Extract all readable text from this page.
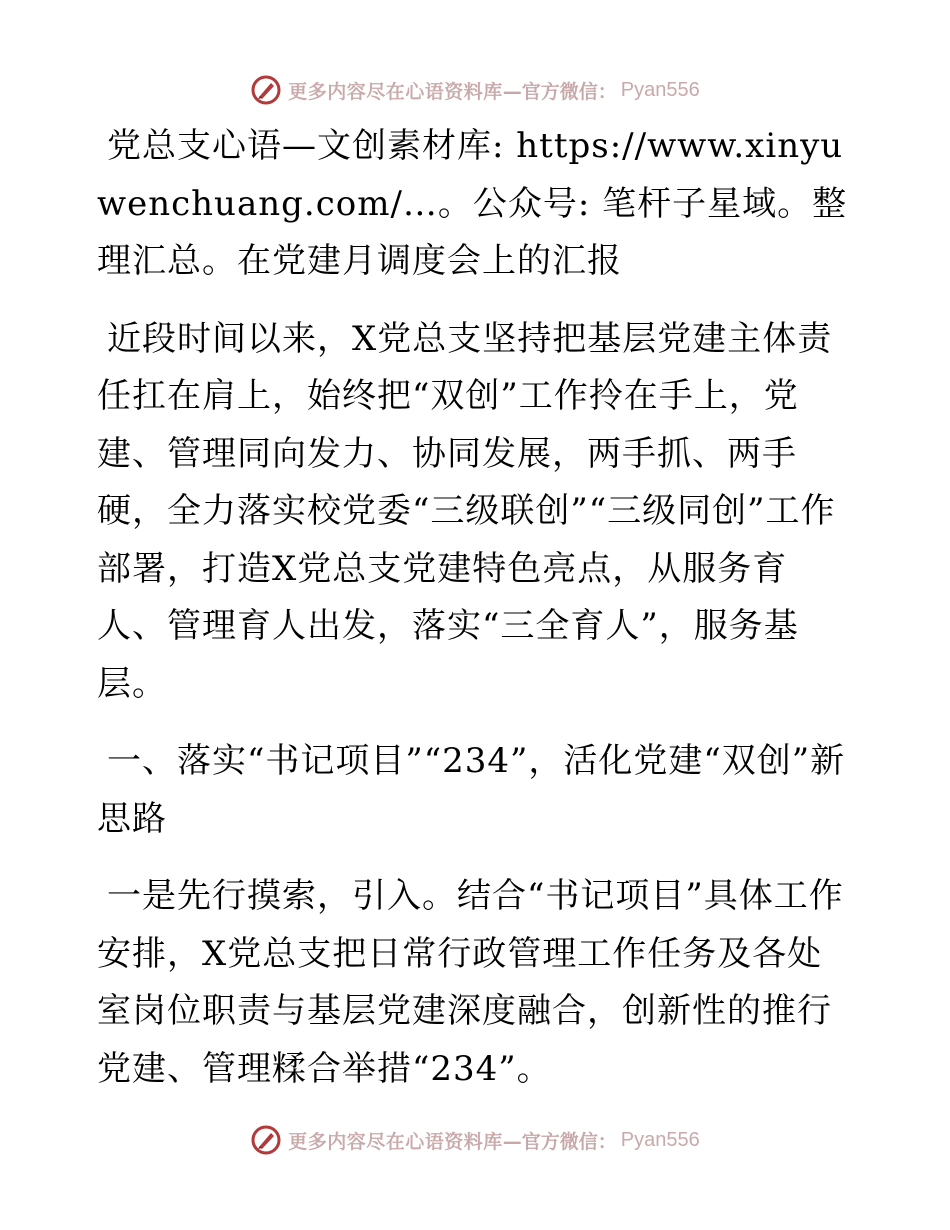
更多内容尽在心语资料库 —官方微信： Pyan556

党总支心语—文创素材库: https://www.xinyuwenchuang.com/…。公众号: 笔杆子星域。整理汇总。在党建月调度会上的汇报

近段时间以来，X党总支坚持把基层党建主体责任扛在肩上，始终把“双创”工作拎在手上，党建、管理同向发力、协同发展，两手抓、两手硬，全力落实校党委“三级联创”“三级同创”工作部署，打造X党总支党建特色亮点，从服务育人、管理育人出发，落实“三全育人”，服务基层。

一、落实“书记项目”“234”，活化党建“双创”新思路

一是先行摸索，引入。结合“书记项目”具体工作安排，X党总支把日常行政管理工作任务及各处室岗位职责与基层党建深度融合，创新性的推行党建、管理糅合举措“234”。

更多内容尽在心语资料库 —官方微信： Pyan556
